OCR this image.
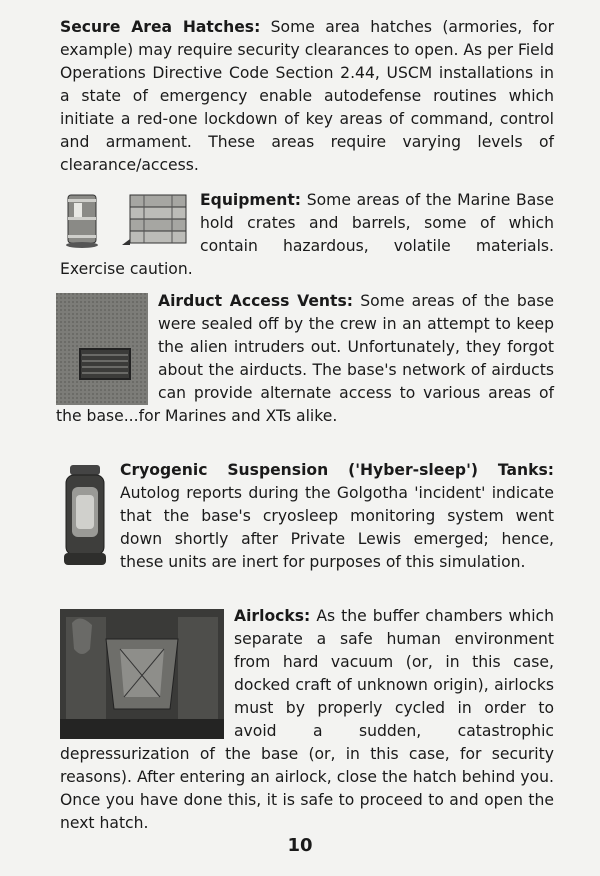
Secure Area Hatches: Some area hatches (armories, for example) may require security clearances to open. As per Field Operations Directive Code Section 2.44, USCM installations in a state of emergency enable autodefense routines which initiate a red-one lockdown of key areas of command, control and armament. These areas require varying levels of clearance/access.
Equipment: Some areas of the Marine Base hold crates and barrels, some of which contain hazardous, volatile materials. Exercise caution.
Airduct Access Vents: Some areas of the base were sealed off by the crew in an attempt to keep the alien intruders out. Unfortunately, they forgot about the airducts. The base's network of airducts can provide alternate access to various areas of the base...for Marines and XTs alike.
Cryogenic Suspension ('Hyber-sleep') Tanks: Autolog reports during the Golgotha 'incident' indicate that the base's cryosleep monitoring system went down shortly after Private Lewis emerged; hence, these units are inert for purposes of this simulation.
Airlocks: As the buffer chambers which separate a safe human environment from hard vacuum (or, in this case, docked craft of unknown origin), airlocks must by properly cycled in order to avoid a sudden, catastrophic depressurization of the base (or, in this case, for security reasons). After entering an airlock, close the hatch behind you. Once you have done this, it is safe to proceed to and open the next hatch.
10
